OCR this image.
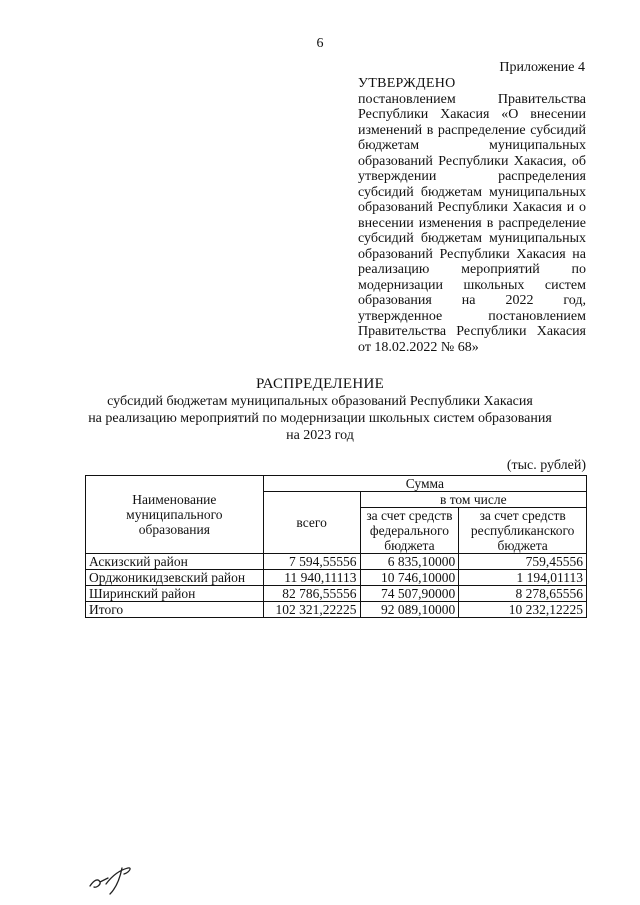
6
Приложение 4
УТВЕРЖДЕНО
постановлением Правительства Республики Хакасия «О внесении изменений в распределение субсидий бюджетам муниципальных образований Республики Хакасия, об утверждении распределения субсидий бюджетам муниципальных образований Республики Хакасия и о внесении изменения в распределение субсидий бюджетам муниципальных образований Республики Хакасия на реализацию мероприятий по модернизации школьных систем образования на 2022 год, утвержденное постановлением Правительства Республики Хакасия от 18.02.2022 № 68»
РАСПРЕДЕЛЕНИЕ
субсидий бюджетам муниципальных образований Республики Хакасия
на реализацию мероприятий по модернизации школьных систем образования
на 2023 год
(тыс. рублей)
Наименование муниципального образования	Сумма		
	всего	в том числе	
		за счет средств федерального бюджета	за счет средств республиканского бюджета
Аскизский район	7 594,55556	6 835,10000	759,45556
Орджоникидзевский район	11 940,11113	10 746,10000	1 194,01113
Ширинский район	82 786,55556	74 507,90000	8 278,65556
Итого	102 321,22225	92 089,10000	10 232,12225
